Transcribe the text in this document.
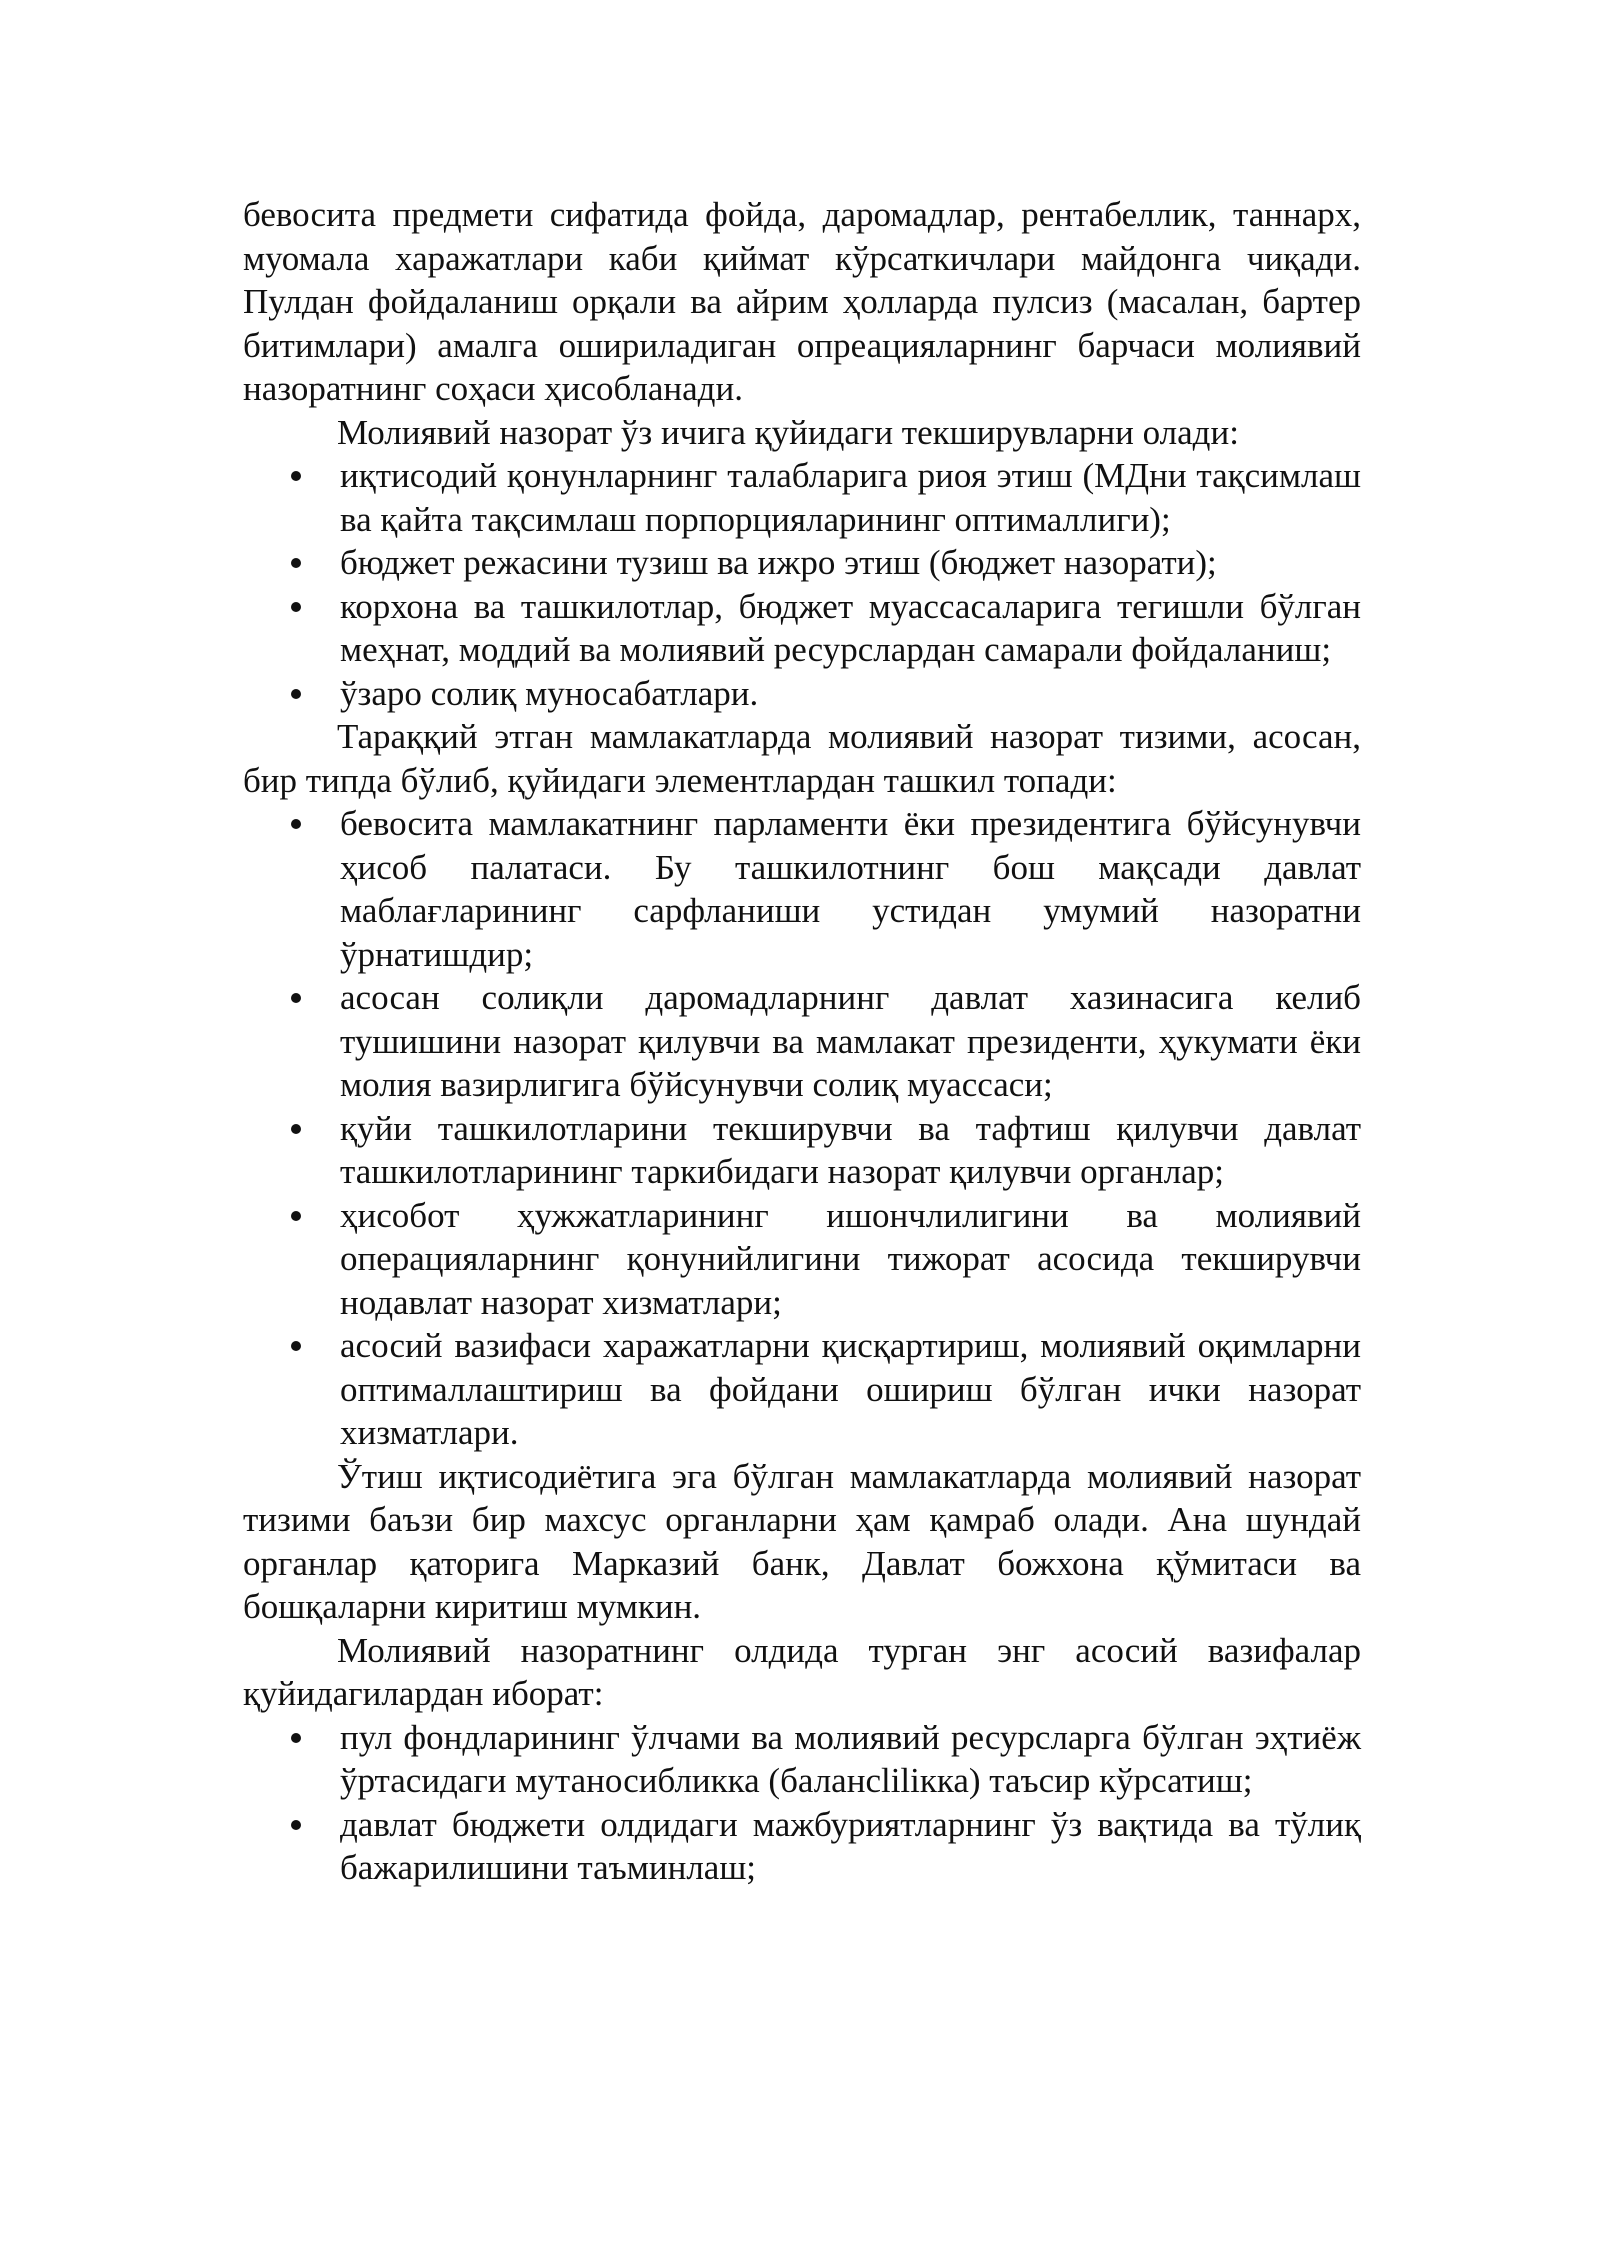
бевосита предмети сифатида фойда, даромадлар, рентабеллик, таннарх, муомала харажатлари каби қиймат кўрсаткичлари майдонга чиқади. Пулдан фойдаланиш орқали ва айрим ҳолларда пулсиз (масалан, бартер битимлари) амалга ошириладиган опреацияларнинг барчаси молиявий назоратнинг соҳаси ҳисобланади.

Молиявий назорат ўз ичига қуйидаги текширувларни олади:

иқтисодий қонунларнинг талабларига риоя этиш (МДни тақсимлаш ва қайта тақсимлаш порпорцияларининг оптималлиги);
бюджет режасини тузиш ва ижро этиш (бюджет назорати);
корхона ва ташкилотлар, бюджет муассасаларига тегишли бўлган меҳнат, моддий ва молиявий ресурслардан самарали фойдаланиш;
ўзаро солиқ муносабатлари.

Тараққий этган мамлакатларда молиявий назорат тизими, асосан, бир типда бўлиб, қуйидаги элементлардан ташкил топади:

бевосита мамлакатнинг парламенти ёки президентига бўйсунувчи ҳисоб палатаси. Бу ташкилотнинг бош мақсади давлат маблағларининг сарфланиши устидан умумий назоратни ўрнатишдир;
асосан солиқли даромадларнинг давлат хазинасига келиб тушишини назорат қилувчи ва мамлакат президенти, ҳукумати ёки молия вазирлигига бўйсунувчи солиқ муассаси;
қуйи ташкилотларини текширувчи ва тафтиш қилувчи давлат ташкилотларининг таркибидаги назорат қилувчи органлар;
ҳисобот ҳужжатларининг ишончлилигини ва молиявий операцияларнинг қонунийлигини тижорат асосида текширувчи нодавлат назорат хизматлари;
асосий вазифаси харажатларни қисқартириш, молиявий оқимларни оптималлаштириш ва фойдани ошириш бўлган ички назорат хизматлари.

Ўтиш иқтисодиётига эга бўлган мамлакатларда молиявий назорат тизими баъзи бир махсус органларни ҳам қамраб олади. Ана шундай органлар қаторига Марказий банк, Давлат божхона қўмитаси ва бошқаларни киритиш мумкин.

Молиявий назоратнинг олдида турган энг асосий вазифалар қуйидагилардан иборат:

пул фондларининг ўлчами ва молиявий ресурсларга бўлган эҳтиёж ўртасидаги мутаносибликка (балансliliкка) таъсир кўрсатиш;
давлат бюджети олдидаги мажбуриятларнинг ўз вақтида ва тўлиқ бажарилишини таъминлаш;
